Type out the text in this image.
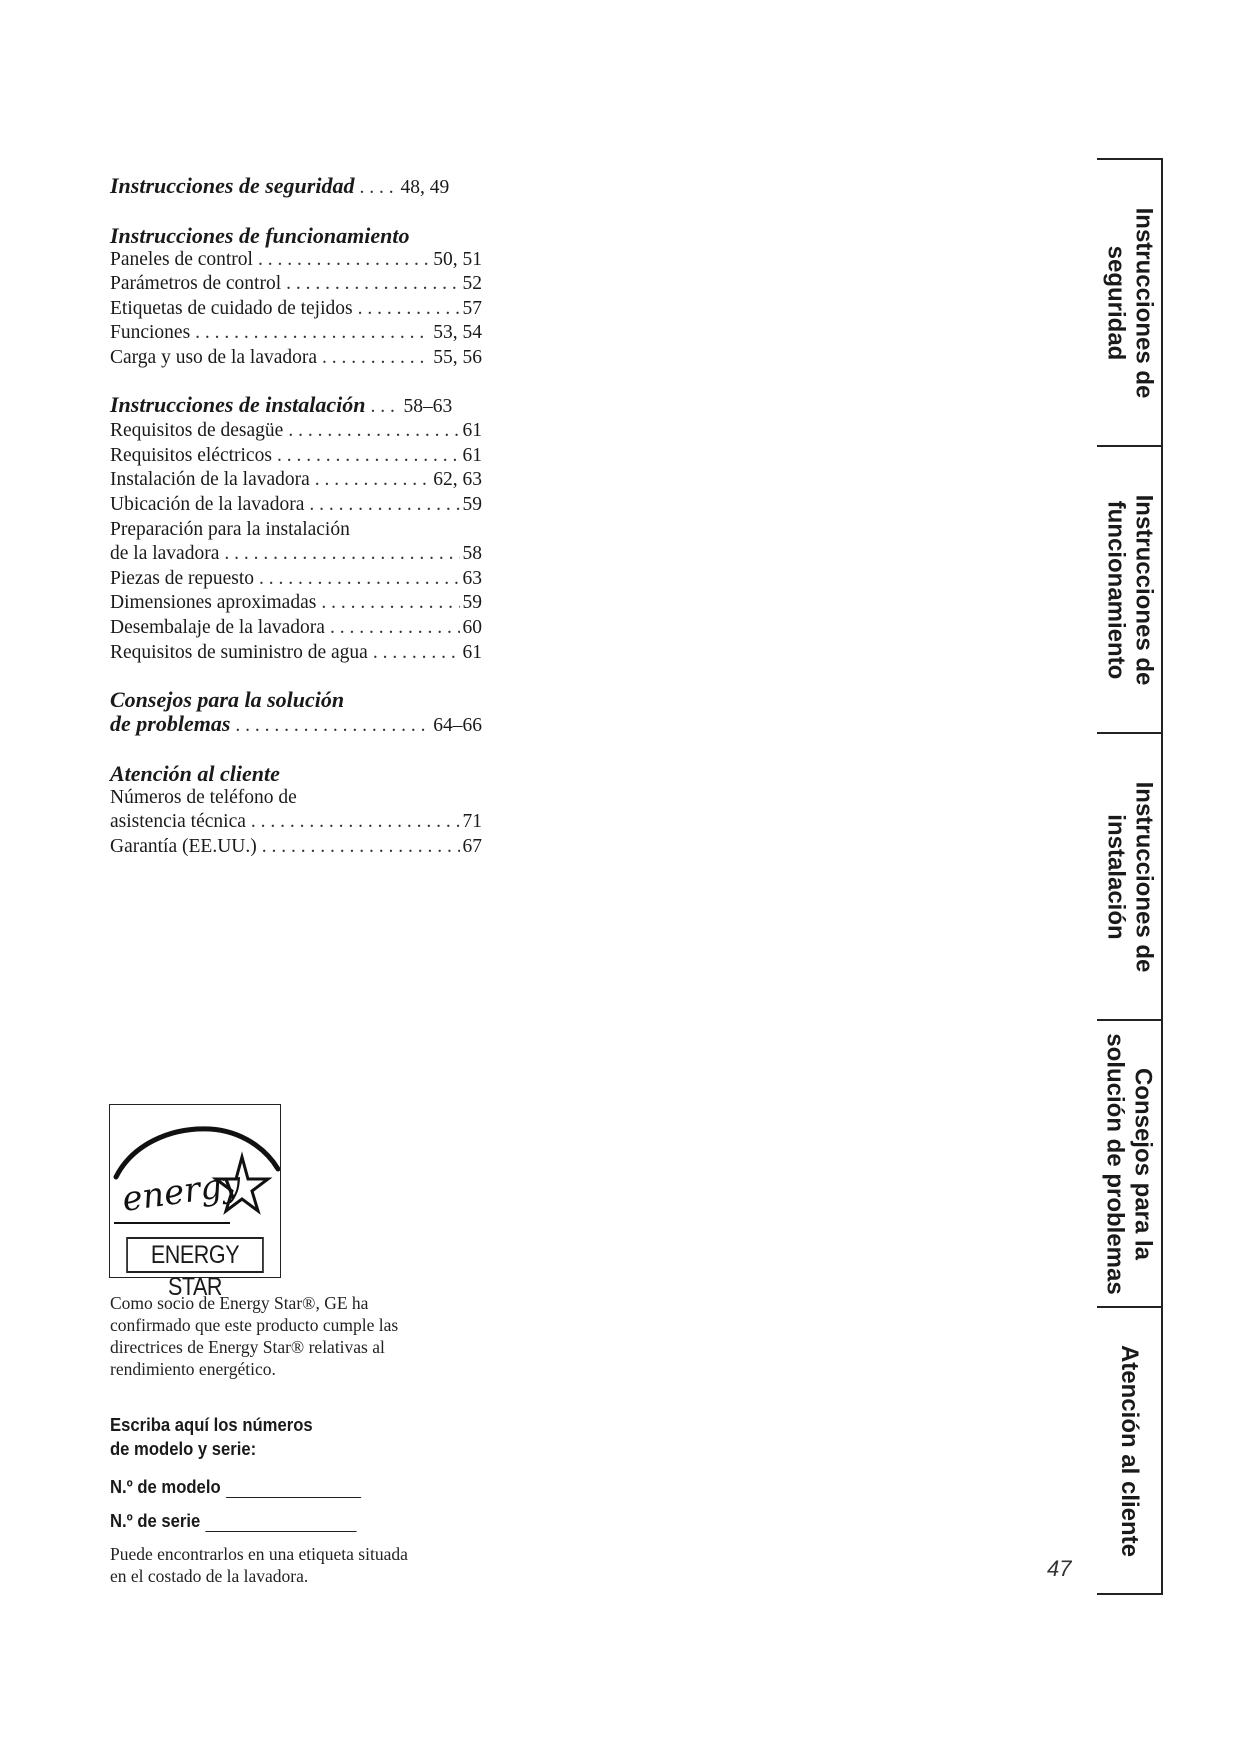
Instrucciones de seguridad . . . 48, 49
Instrucciones de funcionamiento
Paneles de control . . .	50, 51
Parámetros de control . . .	52
Etiquetas de cuidado de tejidos . . .	57
Funciones . . .	53, 54
Carga y uso de la lavadora . . .	55, 56
Instrucciones de instalación . . . 58–63
Requisitos de desagüe . . .	61
Requisitos eléctricos . . .	61
Instalación de la lavadora . . .	62, 63
Ubicación de la lavadora . . .	59
Preparación para la instalación
de la lavadora . . .	58
Piezas de repuesto . . .	63
Dimensiones aproximadas . . .	59
Desembalaje de la lavadora . . .	60
Requisitos de suministro de agua . . .	61
Consejos para la solución
de problemas . . .	64–66
Atención al cliente
Números de teléfono de
asistencia técnica . . .	71
Garantía (EE.UU.) . . .	67
energy
ENERGY STAR
Como socio de Energy Star®, GE ha confirmado que este producto cumple las directrices de Energy Star® relativas al rendimiento energético.
Escriba aquí los números de modelo y serie:
N.º de modelo
N.º de serie
Puede encontrarlos en una etiqueta situada en el costado de la lavadora.	47
Instrucciones de
seguridad
Instrucciones de
funcionamiento
Instrucciones de
instalación
Consejos para la
solución de problemas
Atención al cliente
